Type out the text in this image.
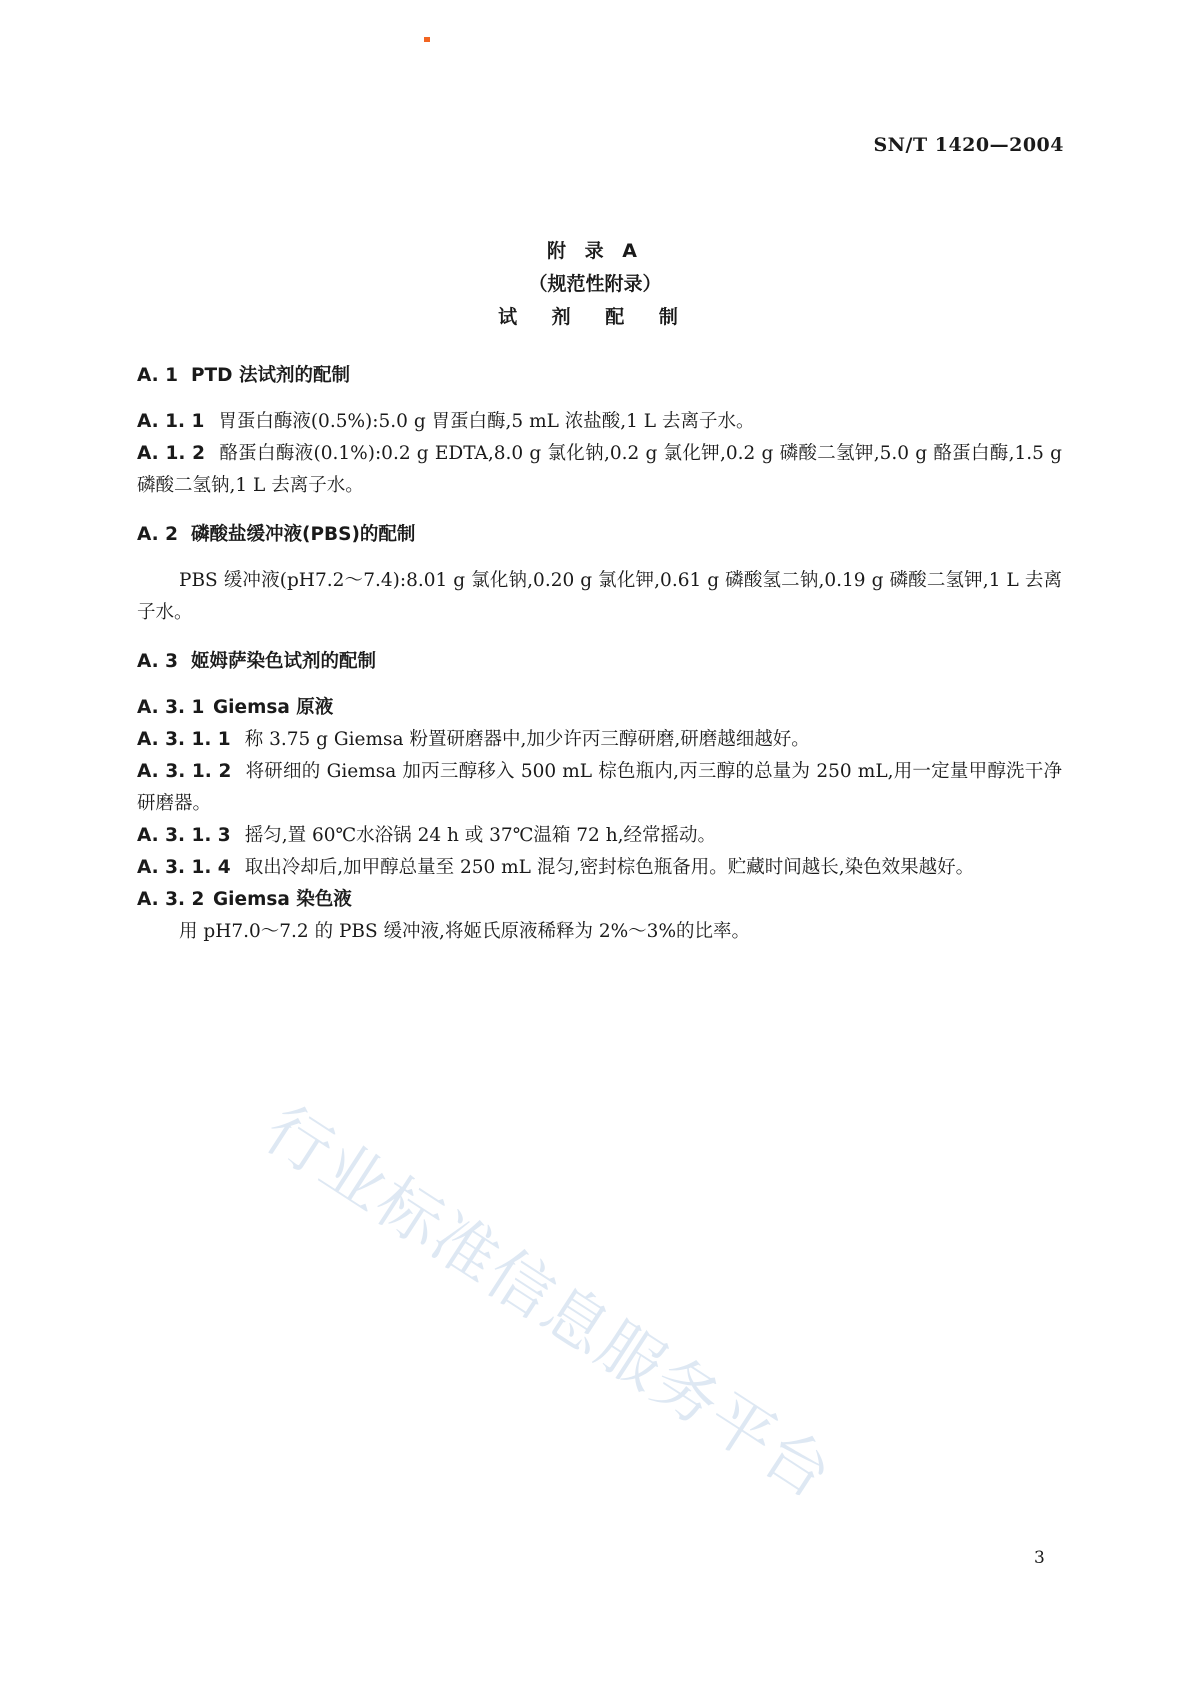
SN/T 1420—2004
附 录 A
（规范性附录）
试 剂 配 制
A. 1 PTD 法试剂的配制
A. 1. 1 胃蛋白酶液(0.5%):5.0 g 胃蛋白酶,5 mL 浓盐酸,1 L 去离子水。
A. 1. 2 酪蛋白酶液(0.1%):0.2 g EDTA,8.0 g 氯化钠,0.2 g 氯化钾,0.2 g 磷酸二氢钾,5.0 g 酪蛋白酶,1.5 g 磷酸二氢钠,1 L 去离子水。
A. 2 磷酸盐缓冲液(PBS)的配制
PBS 缓冲液(pH7.2～7.4):8.01 g 氯化钠,0.20 g 氯化钾,0.61 g 磷酸氢二钠,0.19 g 磷酸二氢钾,1 L 去离子水。
A. 3 姬姆萨染色试剂的配制
A. 3. 1 Giemsa 原液
A. 3. 1. 1 称 3.75 g Giemsa 粉置研磨器中,加少许丙三醇研磨,研磨越细越好。
A. 3. 1. 2 将研细的 Giemsa 加丙三醇移入 500 mL 棕色瓶内,丙三醇的总量为 250 mL,用一定量甲醇洗干净研磨器。
A. 3. 1. 3 摇匀,置 60℃水浴锅 24 h 或 37℃温箱 72 h,经常摇动。
A. 3. 1. 4 取出冷却后,加甲醇总量至 250 mL 混匀,密封棕色瓶备用。贮藏时间越长,染色效果越好。
A. 3. 2 Giemsa 染色液
用 pH7.0～7.2 的 PBS 缓冲液,将姬氏原液稀释为 2%～3%的比率。
行业标准信息服务平台
3
